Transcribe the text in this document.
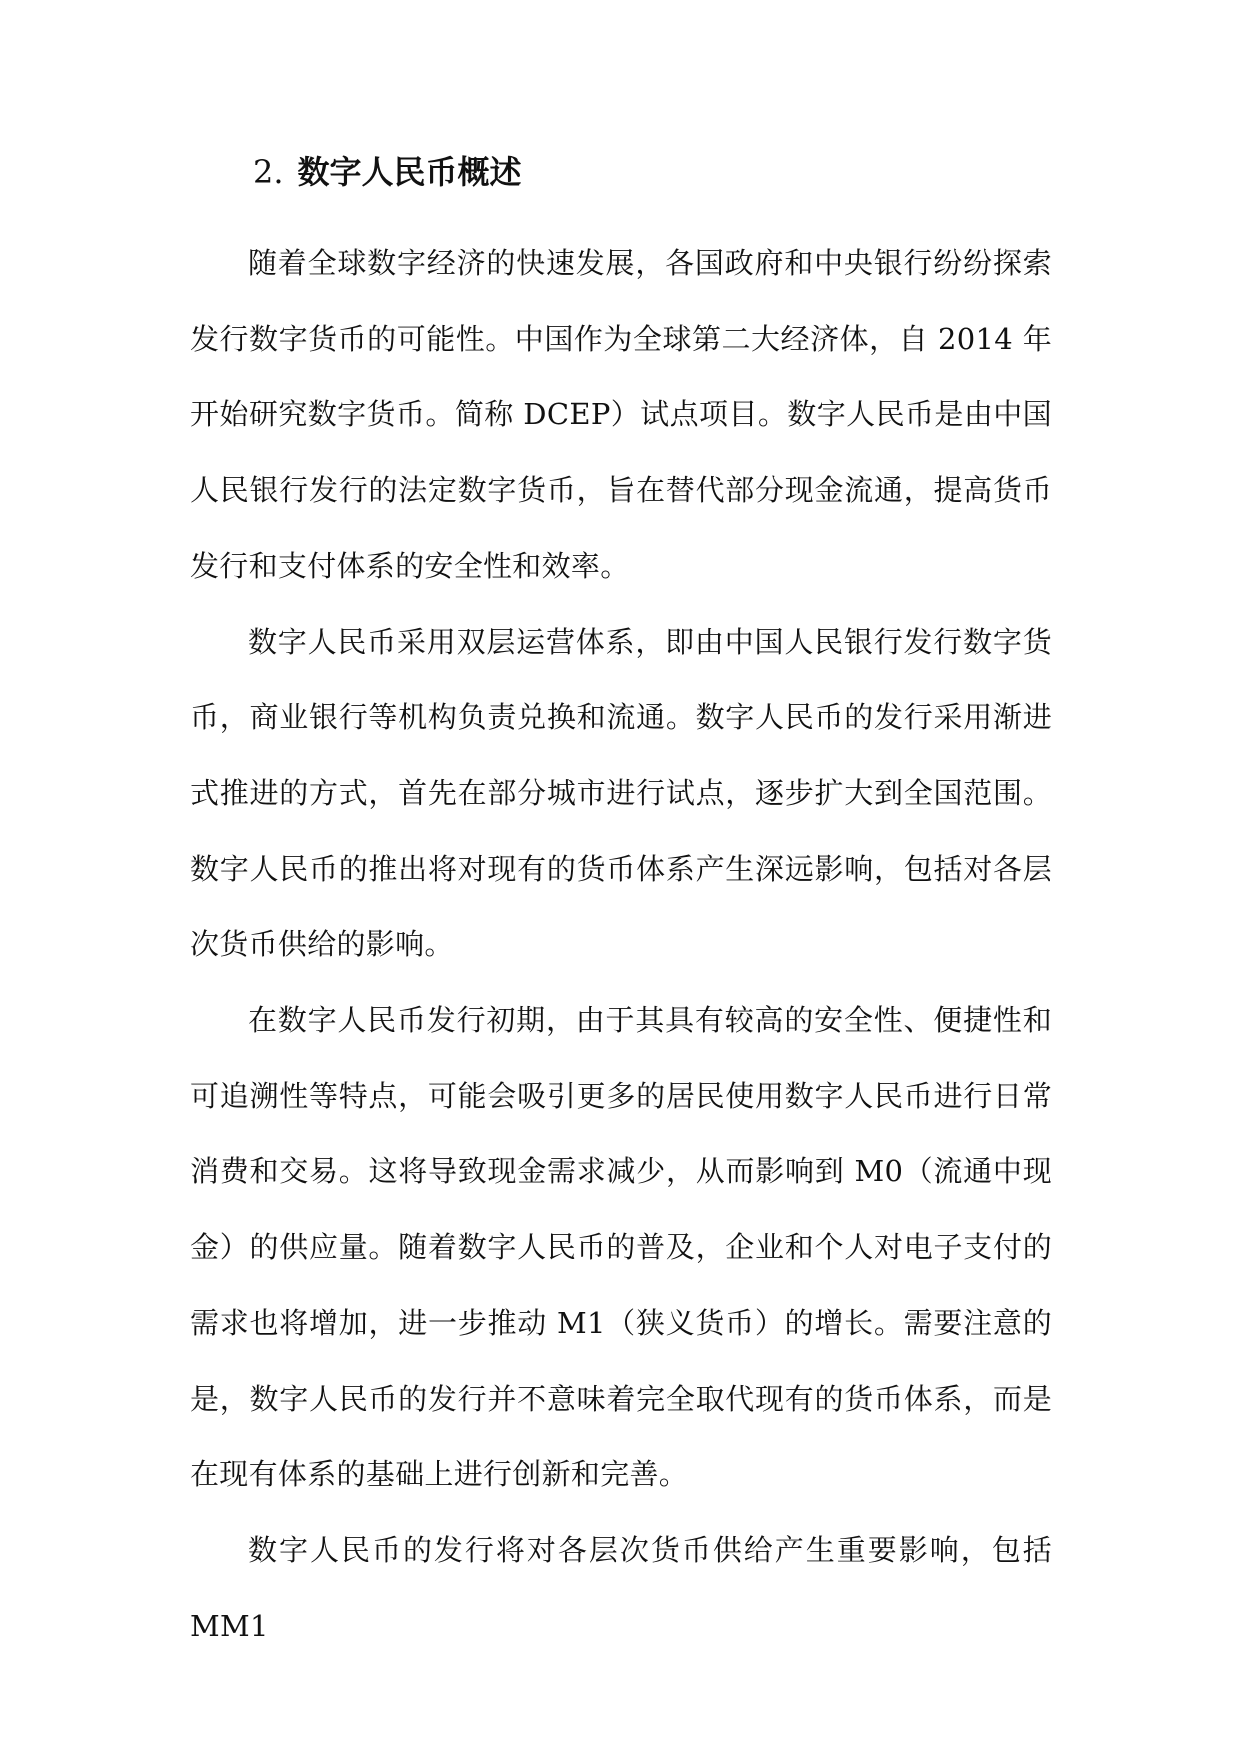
2. 数字人民币概述

随着全球数字经济的快速发展，各国政府和中央银行纷纷探索发行数字货币的可能性。中国作为全球第二大经济体，自 2014 年开始研究数字货币。简称 DCEP）试点项目。数字人民币是由中国人民银行发行的法定数字货币，旨在替代部分现金流通，提高货币发行和支付体系的安全性和效率。

数字人民币采用双层运营体系，即由中国人民银行发行数字货币，商业银行等机构负责兑换和流通。数字人民币的发行采用渐进式推进的方式，首先在部分城市进行试点，逐步扩大到全国范围。数字人民币的推出将对现有的货币体系产生深远影响，包括对各层次货币供给的影响。

在数字人民币发行初期，由于其具有较高的安全性、便捷性和可追溯性等特点，可能会吸引更多的居民使用数字人民币进行日常消费和交易。这将导致现金需求减少，从而影响到 M0（流通中现金）的供应量。随着数字人民币的普及，企业和个人对电子支付的需求也将增加，进一步推动 M1（狭义货币）的增长。需要注意的是，数字人民币的发行并不意味着完全取代现有的货币体系，而是在现有体系的基础上进行创新和完善。

数字人民币的发行将对各层次货币供给产生重要影响，包括 MM1
